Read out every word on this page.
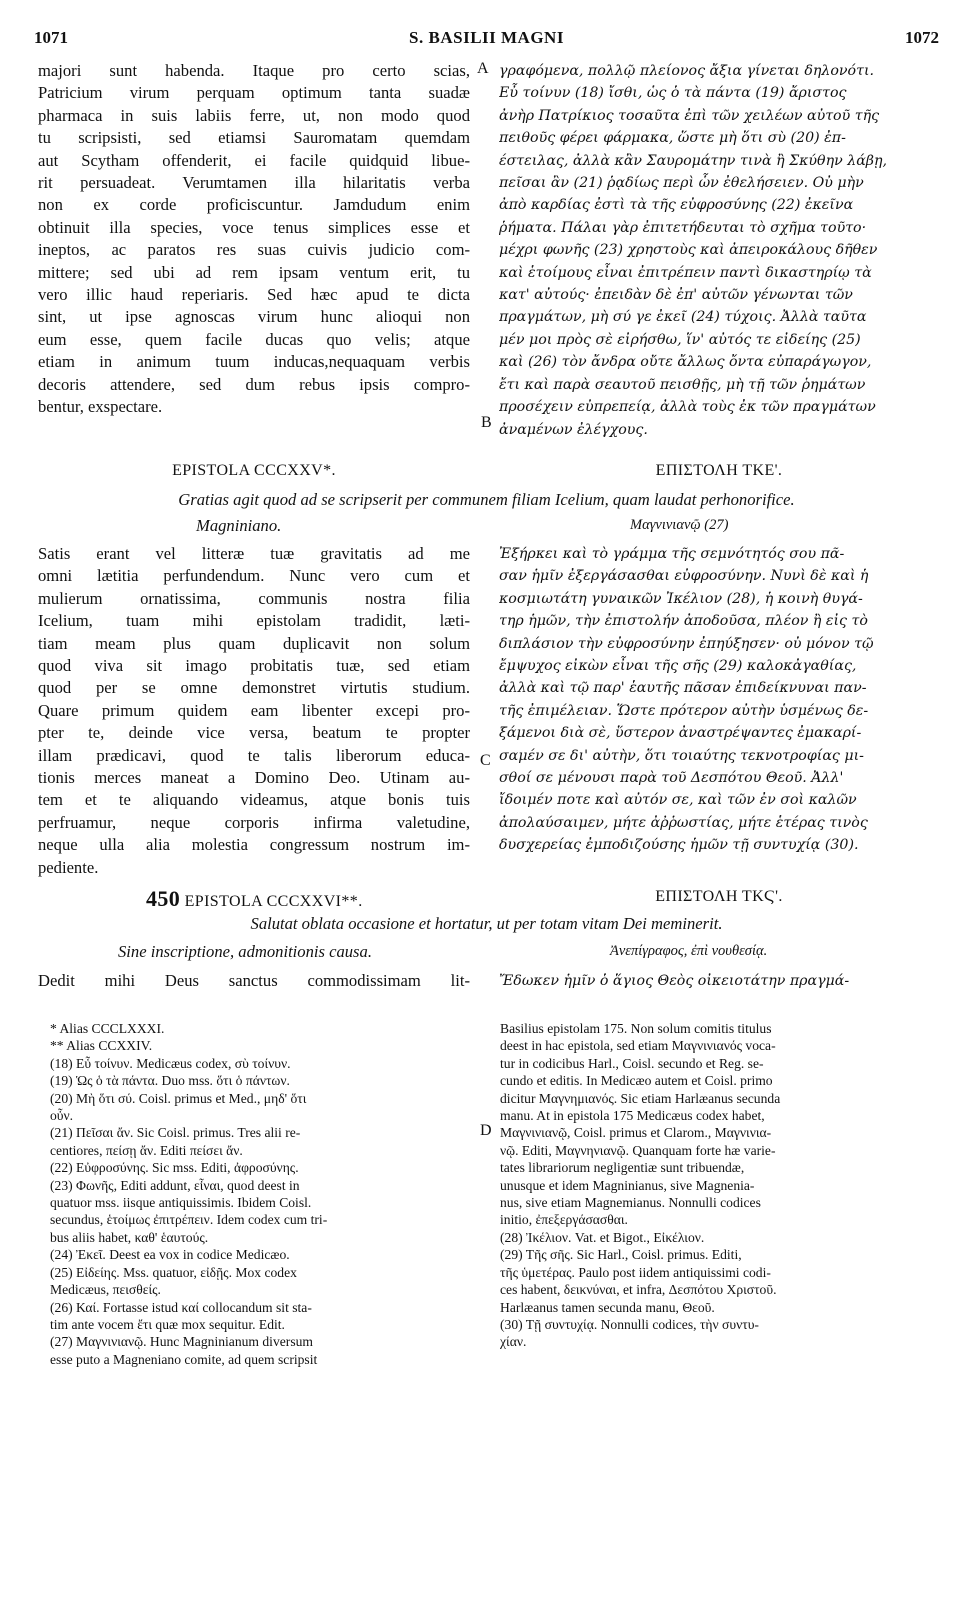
1071	S. BASILII MAGNI	1072
A
B
C
D
majori sunt habenda. Itaque pro certo scias,
Patricium virum perquam optimum tanta suadæ
pharmaca in suis labiis ferre, ut, non modo quod
tu scripsisti, sed etiamsi Sauromatam quemdam
aut Scytham offenderit, ei facile quidquid libue-
rit persuadeat. Verumtamen illa hilaritatis verba
non ex corde proficiscuntur. Jamdudum enim
obtinuit illa species, voce tenus simplices esse et
ineptos, ac paratos res suas cuivis judicio com-
mittere; sed ubi ad rem ipsam ventum erit, tu
vero illic haud reperiaris. Sed hæc apud te dicta
sint, ut ipse agnoscas virum hunc alioqui non
eum esse, quem facile ducas quo velis; atque
etiam in animum tuum inducas,nequaquam verbis
decoris attendere, sed dum rebus ipsis compro-
bentur, exspectare.
γραφόμενα, πολλῷ πλείονος ἄξια γίνεται δηλονότι.
Εὖ τοίνυν (18) ἴσθι, ὡς ὁ τὰ πάντα (19) ἄριστος
ἀνὴρ Πατρίκιος τοσαῦτα ἐπὶ τῶν χειλέων αὐτοῦ τῆς
πειθοῦς φέρει φάρμακα, ὥστε μὴ ὅτι σὺ (20) ἐπ-
έστειλας, ἀλλὰ κἂν Σαυρομάτην τινὰ ἢ Σκύθην λάβῃ,
πεῖσαι ἂν (21) ῥᾳδίως περὶ ὧν ἐθελήσειεν. Οὐ μὴν
ἀπὸ καρδίας ἐστὶ τὰ τῆς εὐφροσύνης (22) ἐκεῖνα
ῥήματα. Πάλαι γὰρ ἐπιτετήδευται τὸ σχῆμα τοῦτο·
μέχρι φωνῆς (23) χρηστοὺς καὶ ἀπειροκάλους δῆθεν
καὶ ἑτοίμους εἶναι ἐπιτρέπειν παντὶ δικαστηρίῳ τὰ
κατ' αὐτούς· ἐπειδὰν δὲ ἐπ' αὐτῶν γένωνται τῶν
πραγμάτων, μὴ σύ γε ἐκεῖ (24) τύχοις. Ἀλλὰ ταῦτα
μέν μοι πρὸς σὲ εἰρήσθω, ἵν' αὐτός τε εἰδείης (25)
καὶ (26) τὸν ἄνδρα οὔτε ἄλλως ὄντα εὐπαράγωγον,
ἔτι καὶ παρὰ σεαυτοῦ πεισθῇς, μὴ τῇ τῶν ῥημάτων
προσέχειν εὐπρεπείᾳ, ἀλλὰ τοὺς ἐκ τῶν πραγμάτων
ἀναμένων ἐλέγχους.
EPISTOLA CCCXXV*.	ΕΠΙΣΤΟΛΗ ΤΚΕ'.
Gratias agit quod ad se scripserit per communem filiam Icelium, quam laudat perhonorifice.
Magniniano.	Μαγνινιανῷ (27)
Satis erant vel litteræ tuæ gravitatis ad me
omni lætitia perfundendum. Nunc vero cum et
mulierum ornatissima, communis nostra filia
Icelium, tuam mihi epistolam tradidit, læti-
tiam meam plus quam duplicavit non solum
quod viva sit imago probitatis tuæ, sed etiam
quod per se omne demonstret virtutis studium.
Quare primum quidem eam libenter excepi pro-
pter te, deinde vice versa, beatum te propter
illam prædicavi, quod te talis liberorum educa-
tionis merces maneat a Domino Deo. Utinam au-
tem et te aliquando videamus, atque bonis tuis
perfruamur, neque corporis infirma valetudine,
neque ulla alia molestia congressum nostrum im-
pediente.
Ἐξήρκει καὶ τὸ γράμμα τῆς σεμνότητός σου πᾶ-
σαν ἡμῖν ἐξεργάσασθαι εὐφροσύνην. Νυνὶ δὲ καὶ ἡ
κοσμιωτάτη γυναικῶν Ἰκέλιον (28), ἡ κοινὴ θυγά-
τηρ ἡμῶν, τὴν ἐπιστολήν ἀποδοῦσα, πλέον ἢ εἰς τὸ
διπλάσιον τὴν εὐφροσύνην ἐπηύξησεν· οὐ μόνον τῷ
ἔμψυχος εἰκὼν εἶναι τῆς σῆς (29) καλοκἀγαθίας,
ἀλλὰ καὶ τῷ παρ' ἑαυτῆς πᾶσαν ἐπιδείκνυναι παν-
τῆς ἐπιμέλειαν. Ὥστε πρότερον αὐτὴν ὑσμένως δε-
ξάμενοι διὰ σὲ, ὕστερον ἀναστρέψαντες ἐμακαρί-
σαμέν σε δι' αὐτὴν, ὅτι τοιαύτης τεκνοτροφίας μι-
σθοί σε μένουσι παρὰ τοῦ Δεσπότου Θεοῦ. Ἀλλ'
ἴδοιμέν ποτε καὶ αὐτόν σε, καὶ τῶν ἐν σοὶ καλῶν
ἀπολαύσαιμεν, μήτε ἀῤῥωστίας, μήτε ἑτέρας τινὸς
δυσχερείας ἐμποδιζούσης ἡμῶν τῇ συντυχίᾳ (30).
450 EPISTOLA CCCXXVI**.	ΕΠΙΣΤΟΛΗ ΤΚϚ'.
Salutat oblata occasione et hortatur, ut per totam vitam Dei meminerit.
Sine inscriptione, admonitionis causa.	Ἀνεπίγραφος, ἐπὶ νουθεσίᾳ.
Dedit mihi Deus sanctus commodissimam lit- Ἔδωκεν ἡμῖν ὁ ἅγιος Θεὸς οἰκειοτάτην πραγμά-
* Alias CCCLXXXI.
** Alias CCXXIV.
(18) Εὖ τοίνυν. Medicæus codex, σὺ τοίνυν.
(19) Ὡς ὁ τὰ πάντα. Duo mss. ὅτι ὁ πάντων.
(20) Μὴ ὅτι σύ. Coisl. primus et Med., μηδ' ὅτι
οὖν.
(21) Πεῖσαι ἄν. Sic Coisl. primus. Tres alii re-
centiores, πείσῃ ἄν. Editi πείσει ἄν.
(22) Εὐφροσύνης. Sic mss. Editi, ἀφροσύνης.
(23) Φωνῆς, Editi addunt, εἶναι, quod deest in
quatuor mss. iisque antiquissimis. Ibidem Coisl.
secundus, ἑτοίμως ἐπιτρέπειν. Idem codex cum tri-
bus aliis habet, καθ' ἑαυτούς.
(24) Ἐκεῖ. Deest ea vox in codice Medicæo.
(25) Εἰδείης. Mss. quatuor, εἰδῇς. Mox codex
Medicæus, πεισθείς.
(26) Καί. Fortasse istud καί collocandum sit sta-
tim ante vocem ἔτι quæ mox sequitur. Edit.
(27) Μαγνινιανῷ. Hunc Magninianum diversum
esse puto a Magneniano comite, ad quem scripsit
Basilius epistolam 175. Non solum comitis titulus
deest in hac epistola, sed etiam Μαγνινιανός voca-
tur in codicibus Harl., Coisl. secundo et Reg. se-
cundo et editis. In Medicæo autem et Coisl. primo
dicitur Μαγνημιανός. Sic etiam Harlæanus secunda
manu. At in epistola 175 Medicæus codex habet,
Μαγνινιανῷ, Coisl. primus et Clarom., Μαγνινια-
νῷ. Editi, Μαγνηνιανῷ. Quanquam forte hæ varie-
tates librariorum negligentiæ sunt tribuendæ,
unusque et idem Magninianus, sive Magnenia-
nus, sive etiam Magnemianus. Nonnulli codices
initio, ἐπεξεργάσασθαι.
(28) Ἰκέλιον. Vat. et Bigot., Εἰκέλιον.
(29) Τῆς σῆς. Sic Harl., Coisl. primus. Editi,
τῆς ὑμετέρας. Paulo post iidem antiquissimi codi-
ces habent, δεικνύναι, et infra, Δεσπότου Χριστοῦ.
Harlæanus tamen secunda manu, Θεοῦ.
(30) Τῇ συντυχίᾳ. Nonnulli codices, τὴν συντυ-
χίαν.
